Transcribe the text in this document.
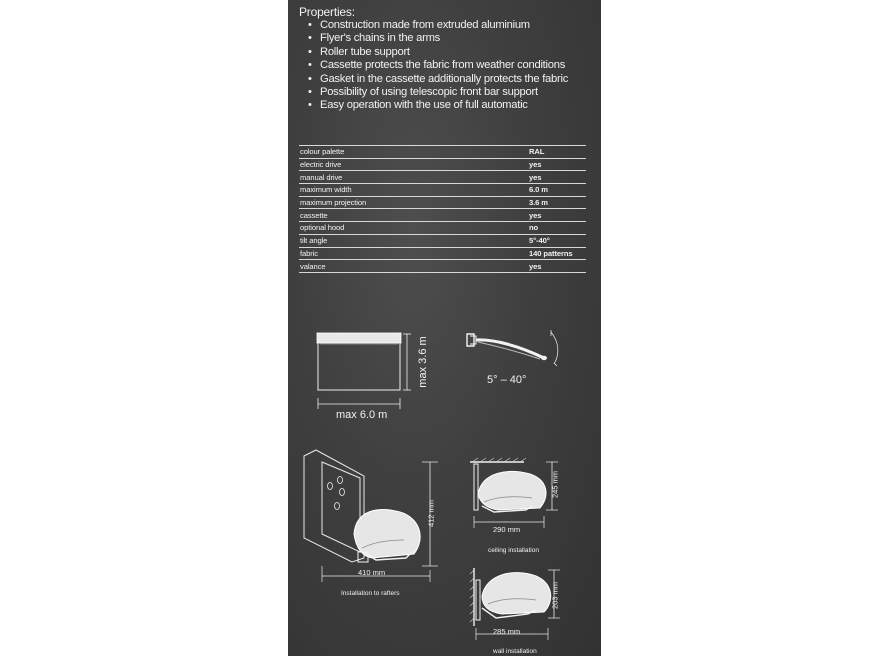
Properties:
• Construction made from extruded aluminium
• Flyer's chains in the arms
• Roller tube support
• Cassette protects the fabric from weather conditions
• Gasket in the cassette additionally protects the fabric
• Possibility of using telescopic front bar support
• Easy operation with the use of full automatic
colour palette	RAL
electric drive	yes
manual drive	yes
maximum width	6.0 m
maximum projection	3.6 m
cassette	yes
optional hood	no
tilt angle	5°-40°
fabric	140 patterns
valance	yes
max 3.6 m
max 6.0 m
5° – 40°
412 mm
410 mm
Installation to rafters
245 mm
290 mm
ceiling installation
203 mm
285 mm
wall installation
